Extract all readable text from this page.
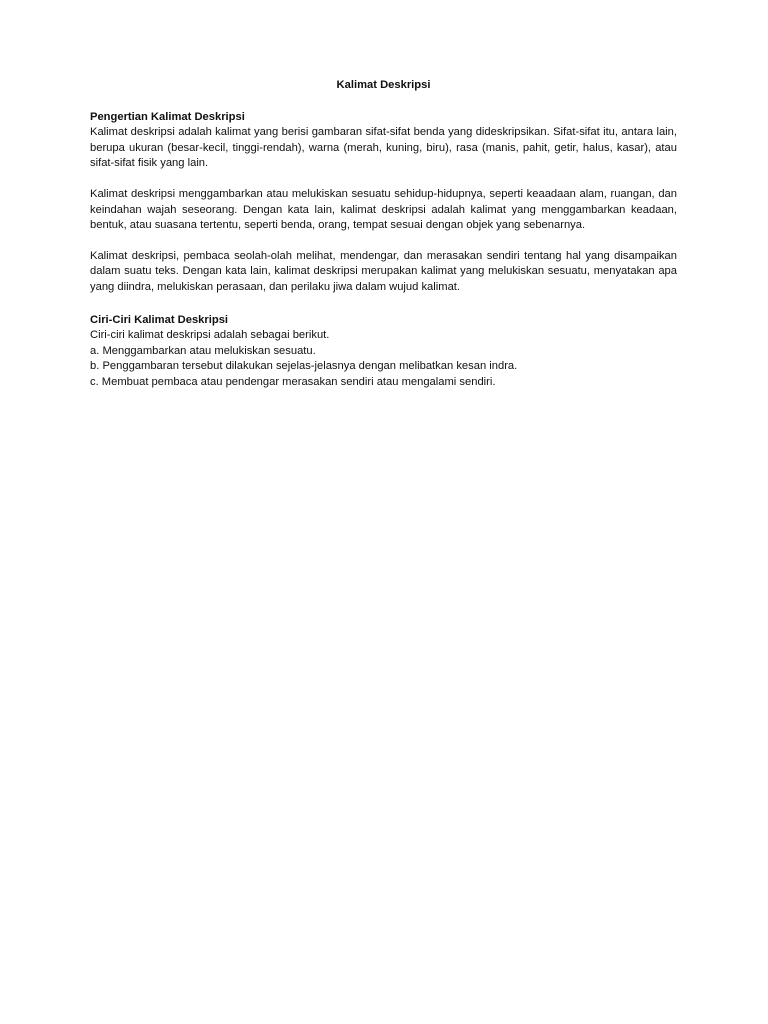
Kalimat Deskripsi

Pengertian Kalimat Deskripsi

Kalimat deskripsi adalah kalimat yang berisi gambaran sifat-sifat benda yang dideskripsikan. Sifat-sifat itu, antara lain, berupa ukuran (besar-kecil, tinggi-rendah), warna (merah, kuning, biru), rasa (manis, pahit, getir, halus, kasar), atau sifat-sifat fisik yang lain.

Kalimat deskripsi menggambarkan atau melukiskan sesuatu sehidup-hidupnya, seperti keaadaan alam, ruangan, dan keindahan wajah seseorang. Dengan kata lain, kalimat deskripsi adalah kalimat yang menggambarkan keadaan, bentuk, atau suasana tertentu, seperti benda, orang, tempat sesuai dengan objek yang sebenarnya.

Kalimat deskripsi, pembaca seolah-olah melihat, mendengar, dan merasakan sendiri tentang hal yang disampaikan dalam suatu teks. Dengan kata lain, kalimat deskripsi merupakan kalimat yang melukiskan sesuatu, menyatakan apa yang diindra, melukiskan perasaan, dan perilaku jiwa dalam wujud kalimat.

Ciri-Ciri Kalimat Deskripsi

Ciri-ciri kalimat deskripsi adalah sebagai berikut.

a. Menggambarkan atau melukiskan sesuatu.
b. Penggambaran tersebut dilakukan sejelas-jelasnya dengan melibatkan kesan indra.
c. Membuat pembaca atau pendengar merasakan sendiri atau mengalami sendiri.
